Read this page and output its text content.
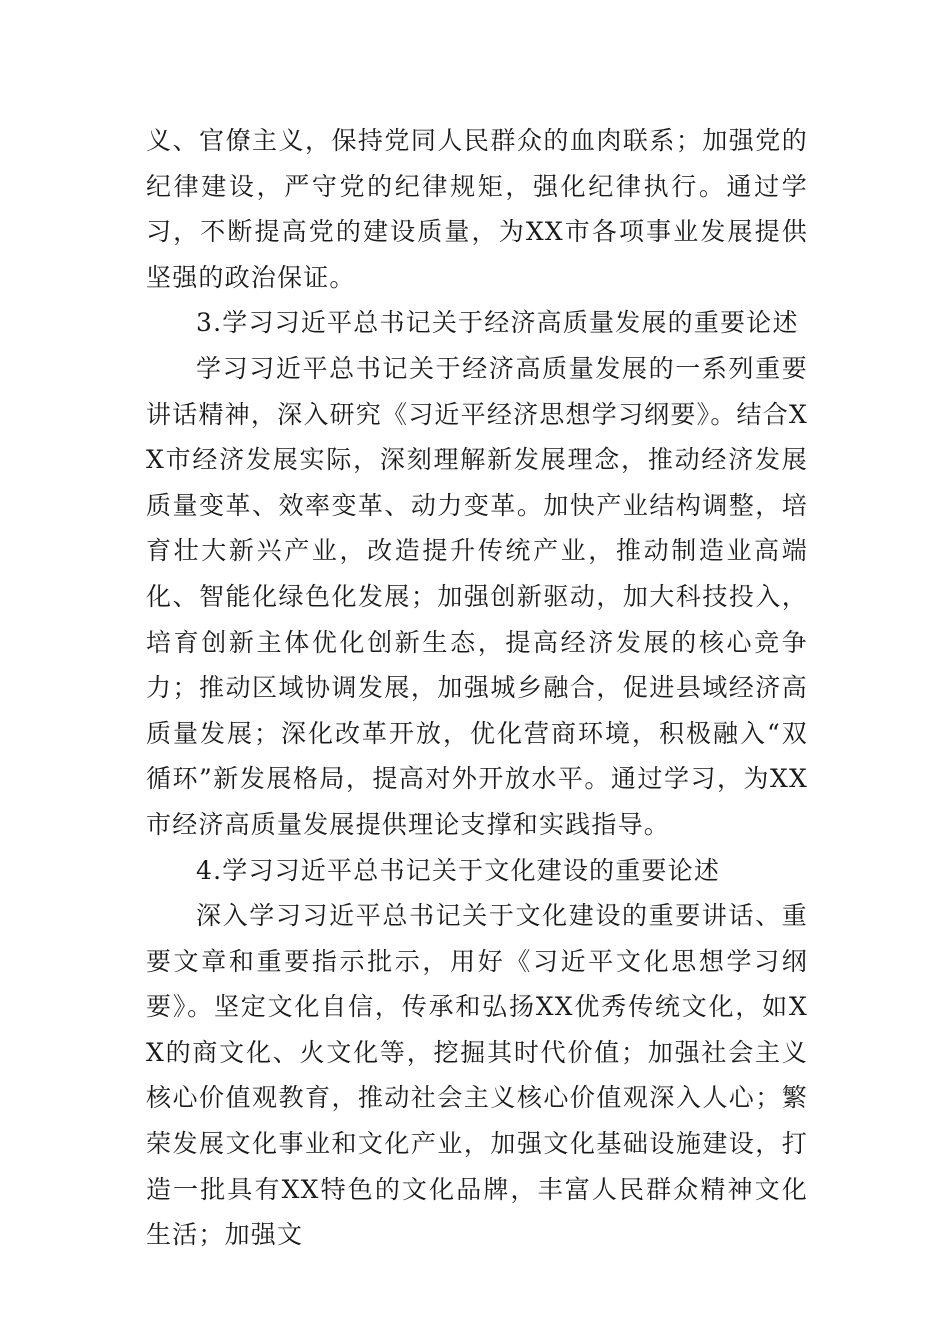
义、官僚主义，保持党同人民群众的血肉联系；加强党的纪律建设，严守党的纪律规矩，强化纪律执行。通过学习，不断提高党的建设质量，为XX市各项事业发展提供坚强的政治保证。

3.学习习近平总书记关于经济高质量发展的重要论述

学习习近平总书记关于经济高质量发展的一系列重要讲话精神，深入研究《习近平经济思想学习纲要》。结合XX市经济发展实际，深刻理解新发展理念，推动经济发展质量变革、效率变革、动力变革。加快产业结构调整，培育壮大新兴产业，改造提升传统产业，推动制造业高端化、智能化绿色化发展；加强创新驱动，加大科技投入，培育创新主体优化创新生态，提高经济发展的核心竞争力；推动区域协调发展，加强城乡融合，促进县域经济高质量发展；深化改革开放，优化营商环境，积极融入“双循环”新发展格局，提高对外开放水平。通过学习，为XX市经济高质量发展提供理论支撑和实践指导。

4.学习习近平总书记关于文化建设的重要论述

深入学习习近平总书记关于文化建设的重要讲话、重要文章和重要指示批示，用好《习近平文化思想学习纲要》。坚定文化自信，传承和弘扬XX优秀传统文化，如XX的商文化、火文化等，挖掘其时代价值；加强社会主义核心价值观教育，推动社会主义核心价值观深入人心；繁荣发展文化事业和文化产业，加强文化基础设施建设，打造一批具有XX特色的文化品牌，丰富人民群众精神文化生活；加强文
